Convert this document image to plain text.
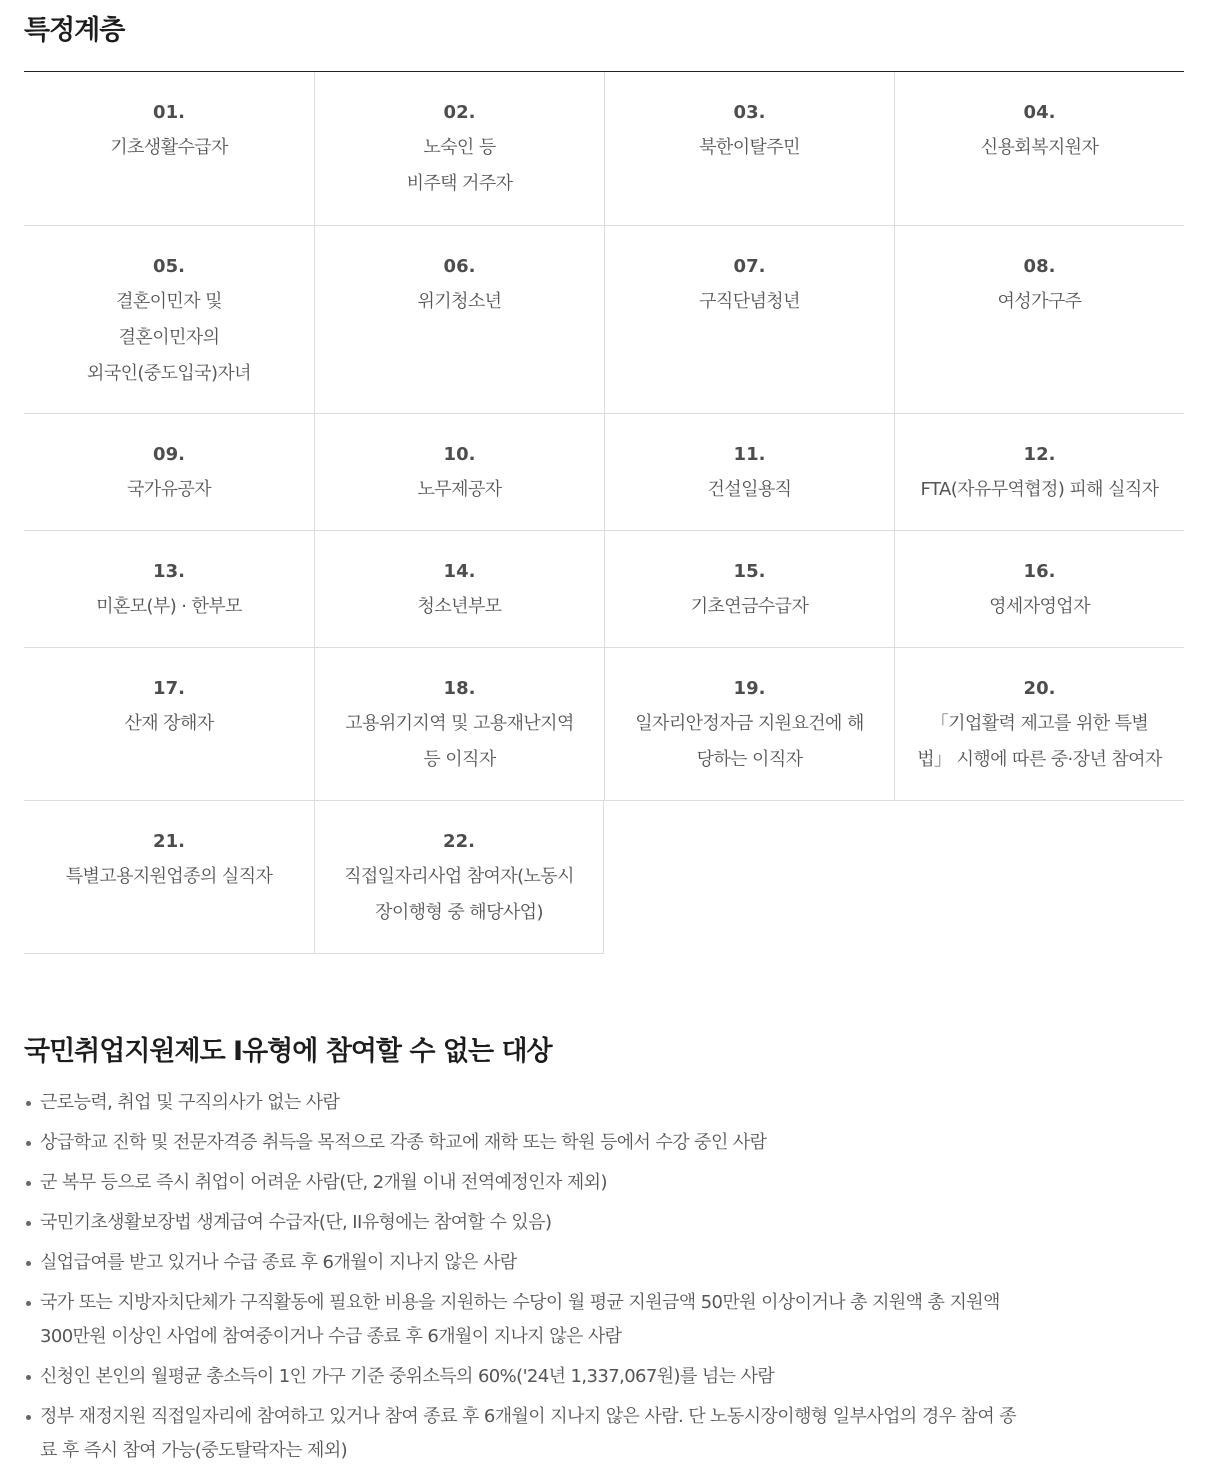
특정계층
01.
기초생활수급자
02.
노숙인 등
비주택 거주자
03.
북한이탈주민
04.
신용회복지원자
05.
결혼이민자 및
결혼이민자의
외국인(중도입국)자녀
06.
위기청소년
07.
구직단념청년
08.
여성가구주
09.
국가유공자
10.
노무제공자
11.
건설일용직
12.
FTA(자유무역협정) 피해 실직자
13.
미혼모(부) · 한부모
14.
청소년부모
15.
기초연금수급자
16.
영세자영업자
17.
산재 장해자
18.
고용위기지역 및 고용재난지역
등 이직자
19.
일자리안정자금 지원요건에 해
당하는 이직자
20.
「기업활력 제고를 위한 특별
법」 시행에 따른 중·장년 참여자
21.
특별고용지원업종의 실직자
22.
직접일자리사업 참여자(노동시
장이행형 중 해당사업)
국민취업지원제도 I유형에 참여할 수 없는 대상
근로능력, 취업 및 구직의사가 없는 사람
상급학교 진학 및 전문자격증 취득을 목적으로 각종 학교에 재학 또는 학원 등에서 수강 중인 사람
군 복무 등으로 즉시 취업이 어려운 사람(단, 2개월 이내 전역예정인자 제외)
국민기초생활보장법 생계급여 수급자(단, II유형에는 참여할 수 있음)
실업급여를 받고 있거나 수급 종료 후 6개월이 지나지 않은 사람
국가 또는 지방자치단체가 구직활동에 필요한 비용을 지원하는 수당이 월 평균 지원금액 50만원 이상이거나 총 지원액 총 지원액
300만원 이상인 사업에 참여중이거나 수급 종료 후 6개월이 지나지 않은 사람
신청인 본인의 월평균 총소득이 1인 가구 기준 중위소득의 60%('24년 1,337,067원)를 넘는 사람
정부 재정지원 직접일자리에 참여하고 있거나 참여 종료 후 6개월이 지나지 않은 사람. 단 노동시장이행형 일부사업의 경우 참여 종
료 후 즉시 참여 가능(중도탈락자는 제외)
